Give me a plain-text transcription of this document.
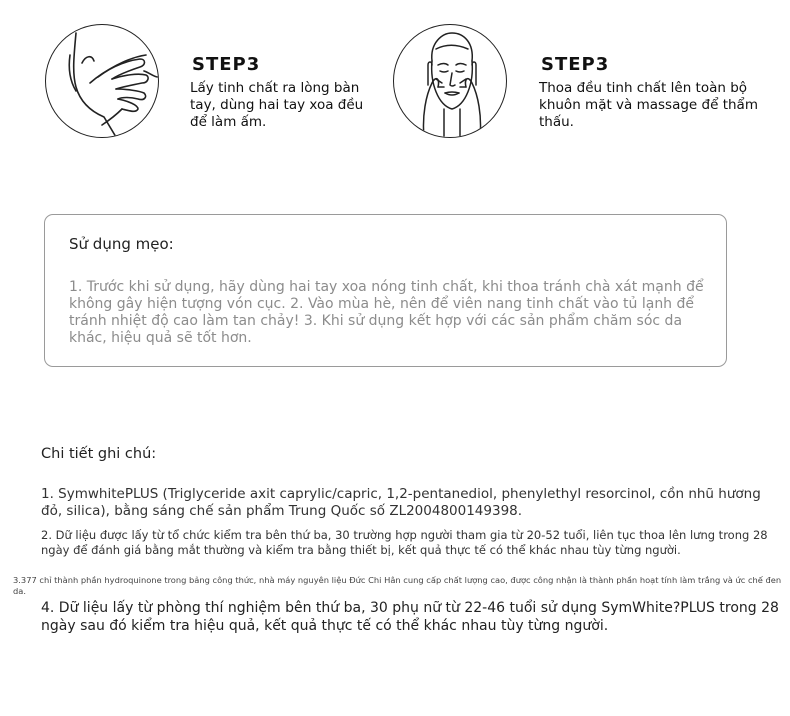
STEP3
Lấy tinh chất ra lòng bàn tay, dùng hai tay xoa đều để làm ấm.
STEP3
Thoa đều tinh chất lên toàn bộ khuôn mặt và massage để thẩm thấu.
Sử dụng mẹo:
1. Trước khi sử dụng, hãy dùng hai tay xoa nóng tinh chất, khi thoa tránh chà xát mạnh để không gây hiện tượng vón cục. 2. Vào mùa hè, nên để viên nang tinh chất vào tủ lạnh để tránh nhiệt độ cao làm tan chảy! 3. Khi sử dụng kết hợp với các sản phẩm chăm sóc da khác, hiệu quả sẽ tốt hơn.
Chi tiết ghi chú:
1. SymwhitePLUS (Triglyceride axit caprylic/capric, 1,2-pentanediol, phenylethyl resorcinol, cồn nhũ hương đỏ, silica), bằng sáng chế sản phẩm Trung Quốc số ZL2004800149398.
2. Dữ liệu được lấy từ tổ chức kiểm tra bên thứ ba, 30 trường hợp người tham gia từ 20-52 tuổi, liên tục thoa lên lưng trong 28 ngày để đánh giá bằng mắt thường và kiểm tra bằng thiết bị, kết quả thực tế có thể khác nhau tùy từng người.
3.377 chỉ thành phần hydroquinone trong bảng công thức, nhà máy nguyên liệu Đức Chi Hân cung cấp chất lượng cao, được công nhận là thành phần hoạt tính làm trắng và ức chế đen da.
4. Dữ liệu lấy từ phòng thí nghiệm bên thứ ba, 30 phụ nữ từ 22-46 tuổi sử dụng SymWhite?PLUS trong 28 ngày sau đó kiểm tra hiệu quả, kết quả thực tế có thể khác nhau tùy từng người.
